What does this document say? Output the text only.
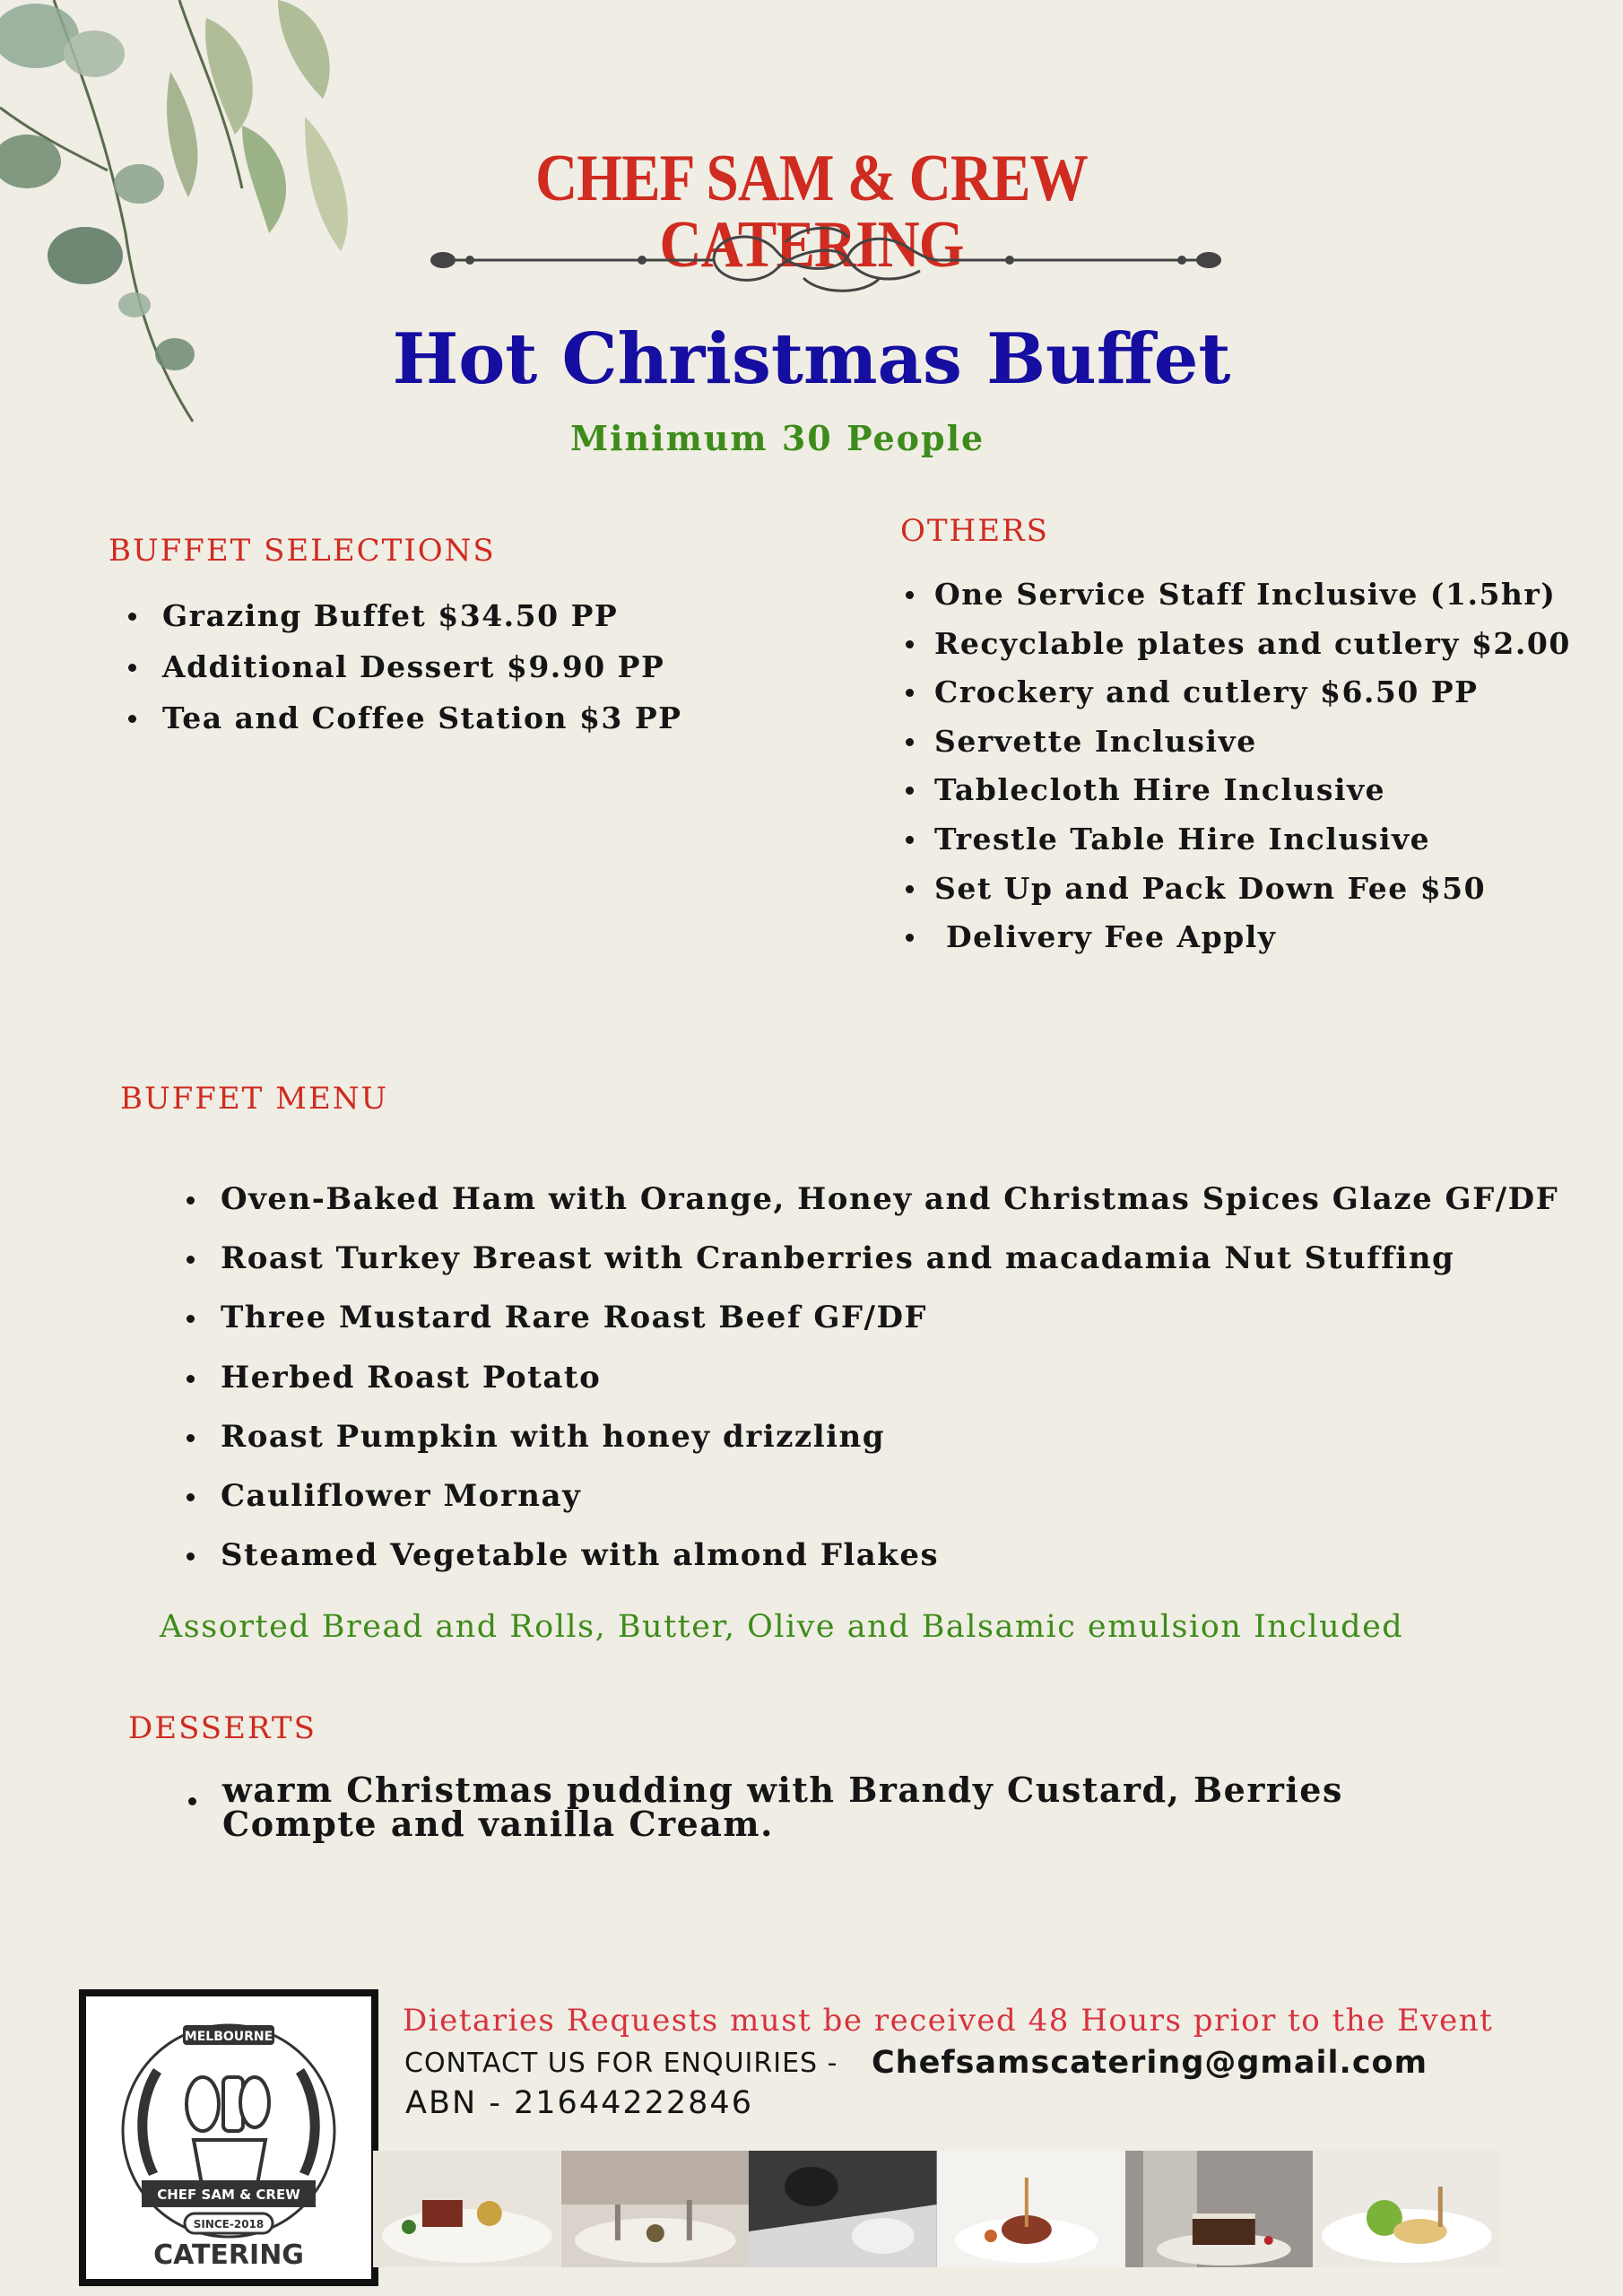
CHEF SAM & CREW CATERING
Hot Christmas Buffet
Minimum 30 People
BUFFET SELECTIONS
Grazing Buffet $34.50 PP
Additional Dessert $9.90 PP
Tea and Coffee Station $3 PP
OTHERS
One Service Staff Inclusive (1.5hr)
Recyclable plates and cutlery $2.00
Crockery and cutlery $6.50 PP
Servette Inclusive
Tablecloth Hire Inclusive
Trestle Table Hire Inclusive
Set Up and Pack Down Fee $50
Delivery Fee Apply
BUFFET MENU
Oven-Baked Ham with Orange, Honey and Christmas Spices Glaze GF/DF
Roast Turkey Breast with Cranberries and macadamia Nut Stuffing
Three Mustard Rare Roast Beef GF/DF
Herbed Roast Potato
Roast Pumpkin with honey drizzling
Cauliflower Mornay
Steamed Vegetable with almond Flakes
Assorted Bread and Rolls, Butter, Olive and Balsamic emulsion Included
DESSERTS
warm Christmas pudding with Brandy Custard, Berries Compte and vanilla Cream.
MELBOURNE
CHEF SAM & CREW
SINCE-2018
CATERING
Dietaries Requests must be received 48 Hours prior to the Event
CONTACT US FOR ENQUIRIES - Chefsamscatering@gmail.com
ABN - 21644222846
